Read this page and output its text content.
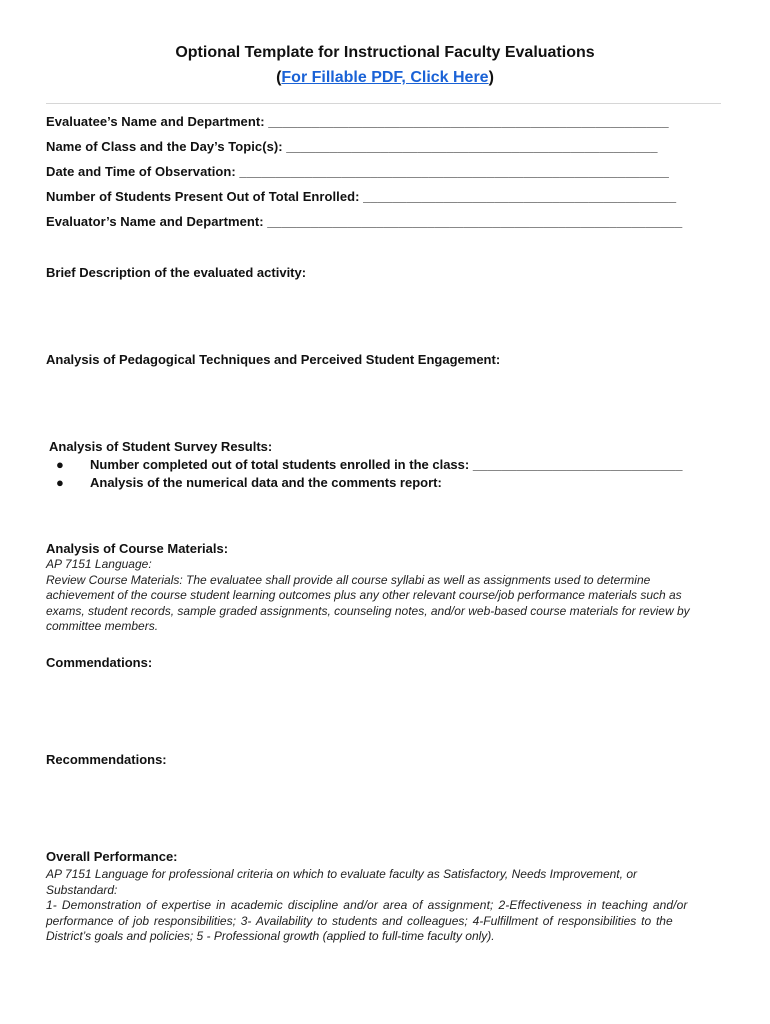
Optional Template for Instructional Faculty Evaluations
(For Fillable PDF, Click Here)
Evaluatee’s Name and Department: _______________________________________________________
Name of Class and the Day’s Topic(s): ___________________________________________________
Date and Time of Observation: ___________________________________________________________
Number of Students Present Out of Total Enrolled: ___________________________________________
Evaluator’s Name and Department: _________________________________________________________
Brief Description of the evaluated activity:
Analysis of Pedagogical Techniques and Perceived Student Engagement:
Analysis of Student Survey Results:
● Number completed out of total students enrolled in the class: _____________________________
● Analysis of the numerical data and the comments report:
Analysis of Course Materials:
AP 7151 Language:
Review Course Materials: The evaluatee shall provide all course syllabi as well as assignments used to determine
achievement of the course student learning outcomes plus any other relevant course/job performance materials such as
exams, student records, sample graded assignments, counseling notes, and/or web-based course materials for review by
committee members.
Commendations:
Recommendations:
Overall Performance:
AP 7151 Language for professional criteria on which to evaluate faculty as Satisfactory, Needs Improvement, or
Substandard:
1- Demonstration of expertise in academic discipline and/or area of assignment; 2-Effectiveness in teaching and/or
performance of job responsibilities; 3- Availability to students and colleagues; 4-Fulfillment of responsibilities to the
District’s goals and policies; 5 - Professional growth (applied to full-time faculty only).
